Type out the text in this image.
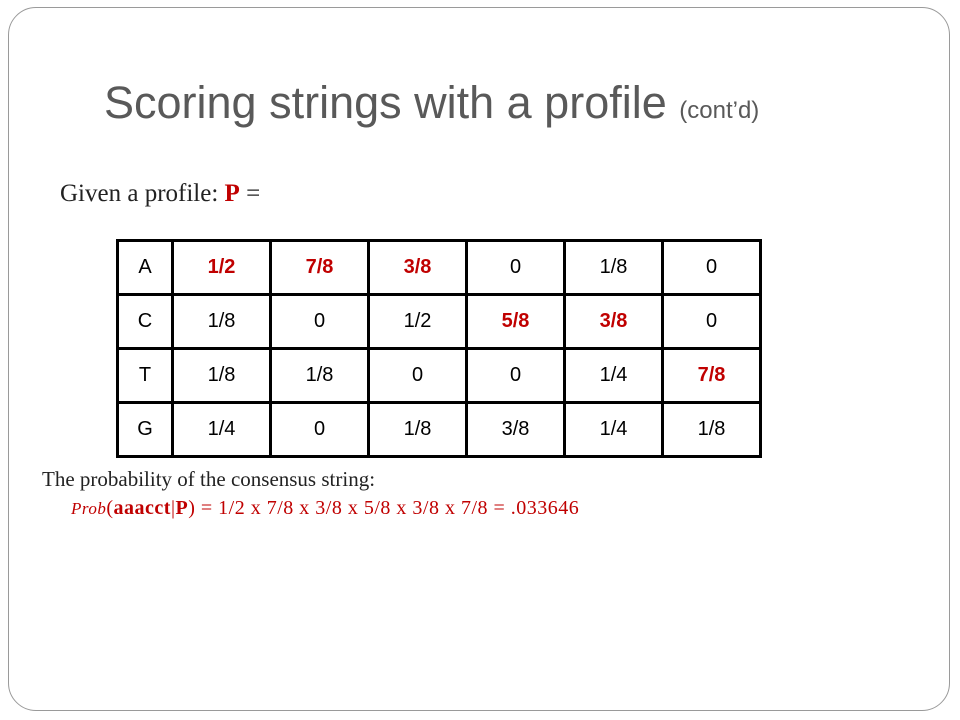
Scoring strings with a profile (cont’d)
Given a profile: P =
A	1/2	7/8	3/8	0	1/8	0
C	1/8	0	1/2	5/8	3/8	0
T	1/8	1/8	0	0	1/4	7/8
G	1/4	0	1/8	3/8	1/4	1/8
The probability of the consensus string:
Prob(aaacct|P) = 1/2 x 7/8 x 3/8 x 5/8 x 3/8 x 7/8 = .033646
